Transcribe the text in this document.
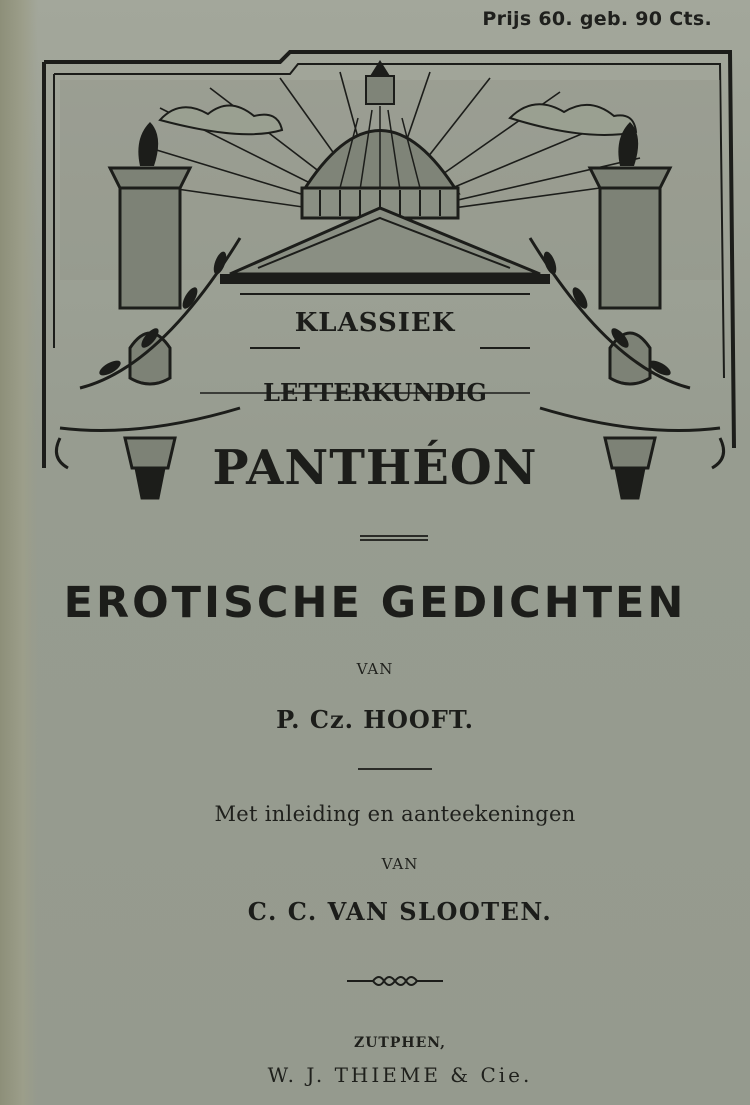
Prijs 60. geb. 90 Cts.
KLASSIEK
LETTERKUNDIG
PANTHÉON
EROTISCHE GEDICHTEN
VAN
P. Cz. HOOFT.
Met inleiding en aanteekeningen
VAN
C. C. VAN SLOOTEN.
ZUTPHEN,
W. J. THIEME & Cie.
